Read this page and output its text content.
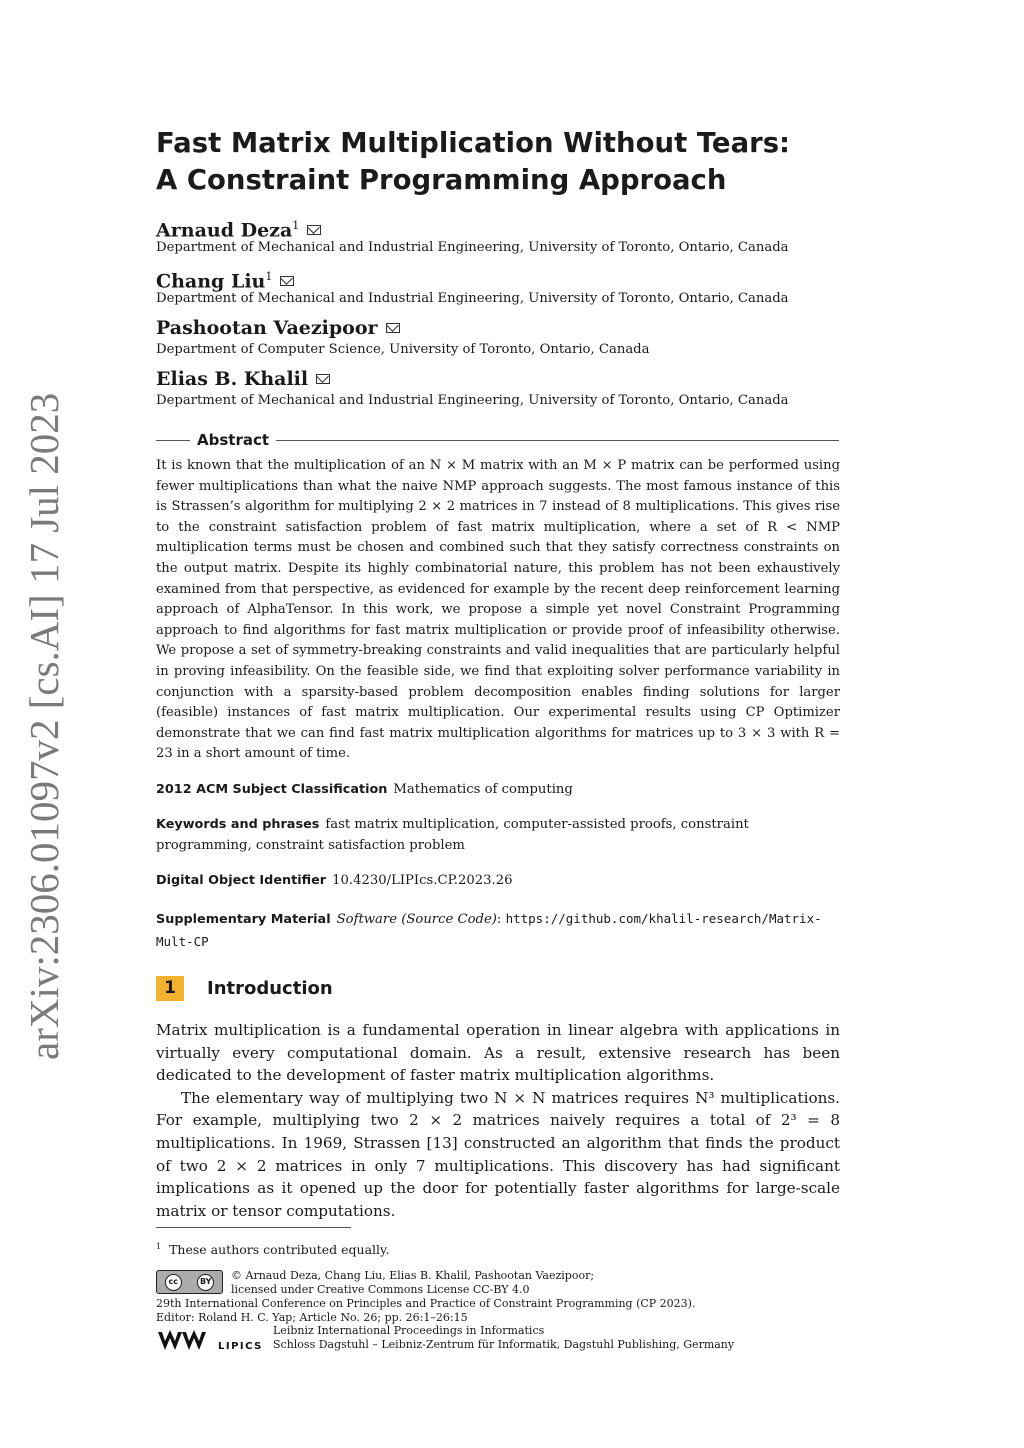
arXiv:2306.01097v2 [cs.AI] 17 Jul 2023
Fast Matrix Multiplication Without Tears:
A Constraint Programming Approach
Arnaud Deza$^1$
Department of Mechanical and Industrial Engineering, University of Toronto, Ontario, Canada
Chang Liu$^1$
Department of Mechanical and Industrial Engineering, University of Toronto, Ontario, Canada
Pashootan Vaezipoor
Department of Computer Science, University of Toronto, Ontario, Canada
Elias B. Khalil
Department of Mechanical and Industrial Engineering, University of Toronto, Ontario, Canada
Abstract
It is known that the multiplication of an N × M matrix with an M × P matrix can be performed using fewer multiplications than what the naive NMP approach suggests. The most famous instance of this is Strassen’s algorithm for multiplying 2 × 2 matrices in 7 instead of 8 multiplications. This gives rise to the constraint satisfaction problem of fast matrix multiplication, where a set of R < NMP multiplication terms must be chosen and combined such that they satisfy correctness constraints on the output matrix. Despite its highly combinatorial nature, this problem has not been exhaustively examined from that perspective, as evidenced for example by the recent deep reinforcement learning approach of AlphaTensor. In this work, we propose a simple yet novel Constraint Programming approach to find algorithms for fast matrix multiplication or provide proof of infeasibility otherwise. We propose a set of symmetry-breaking constraints and valid inequalities that are particularly helpful in proving infeasibility. On the feasible side, we find that exploiting solver performance variability in conjunction with a sparsity-based problem decomposition enables finding solutions for larger (feasible) instances of fast matrix multiplication. Our experimental results using CP Optimizer demonstrate that we can find fast matrix multiplication algorithms for matrices up to 3 × 3 with R = 23 in a short amount of time.
2012 ACM Subject Classification Mathematics of computing
Keywords and phrases fast matrix multiplication, computer-assisted proofs, constraint programming, constraint satisfaction problem
Digital Object Identifier 10.4230/LIPIcs.CP.2023.26
Supplementary Material Software (Source Code): https://github.com/khalil-research/Matrix-Mult-CP
1	Introduction

Matrix multiplication is a fundamental operation in linear algebra with applications in virtually every computational domain. As a result, extensive research has been dedicated to the development of faster matrix multiplication algorithms.

The elementary way of multiplying two N × N matrices requires N³ multiplications. For example, multiplying two 2 × 2 matrices naively requires a total of 2³ = 8 multiplications. In 1969, Strassen [13] constructed an algorithm that finds the product of two 2 × 2 matrices in only 7 multiplications. This discovery has had significant implications as it opened up the door for potentially faster algorithms for large-scale matrix or tensor computations.

$^1$ These authors contributed equally.
cc	BY © Arnaud Deza, Chang Liu, Elias B. Khalil, Pashootan Vaezipoor;
licensed under Creative Commons License CC-BY 4.0
29th International Conference on Principles and Practice of Constraint Programming (CP 2023).
Editor: Roland H. C. Yap; Article No. 26; pp. 26:1–26:15
LIPICS
Leibniz International Proceedings in Informatics
Schloss Dagstuhl – Leibniz-Zentrum für Informatik, Dagstuhl Publishing, Germany
